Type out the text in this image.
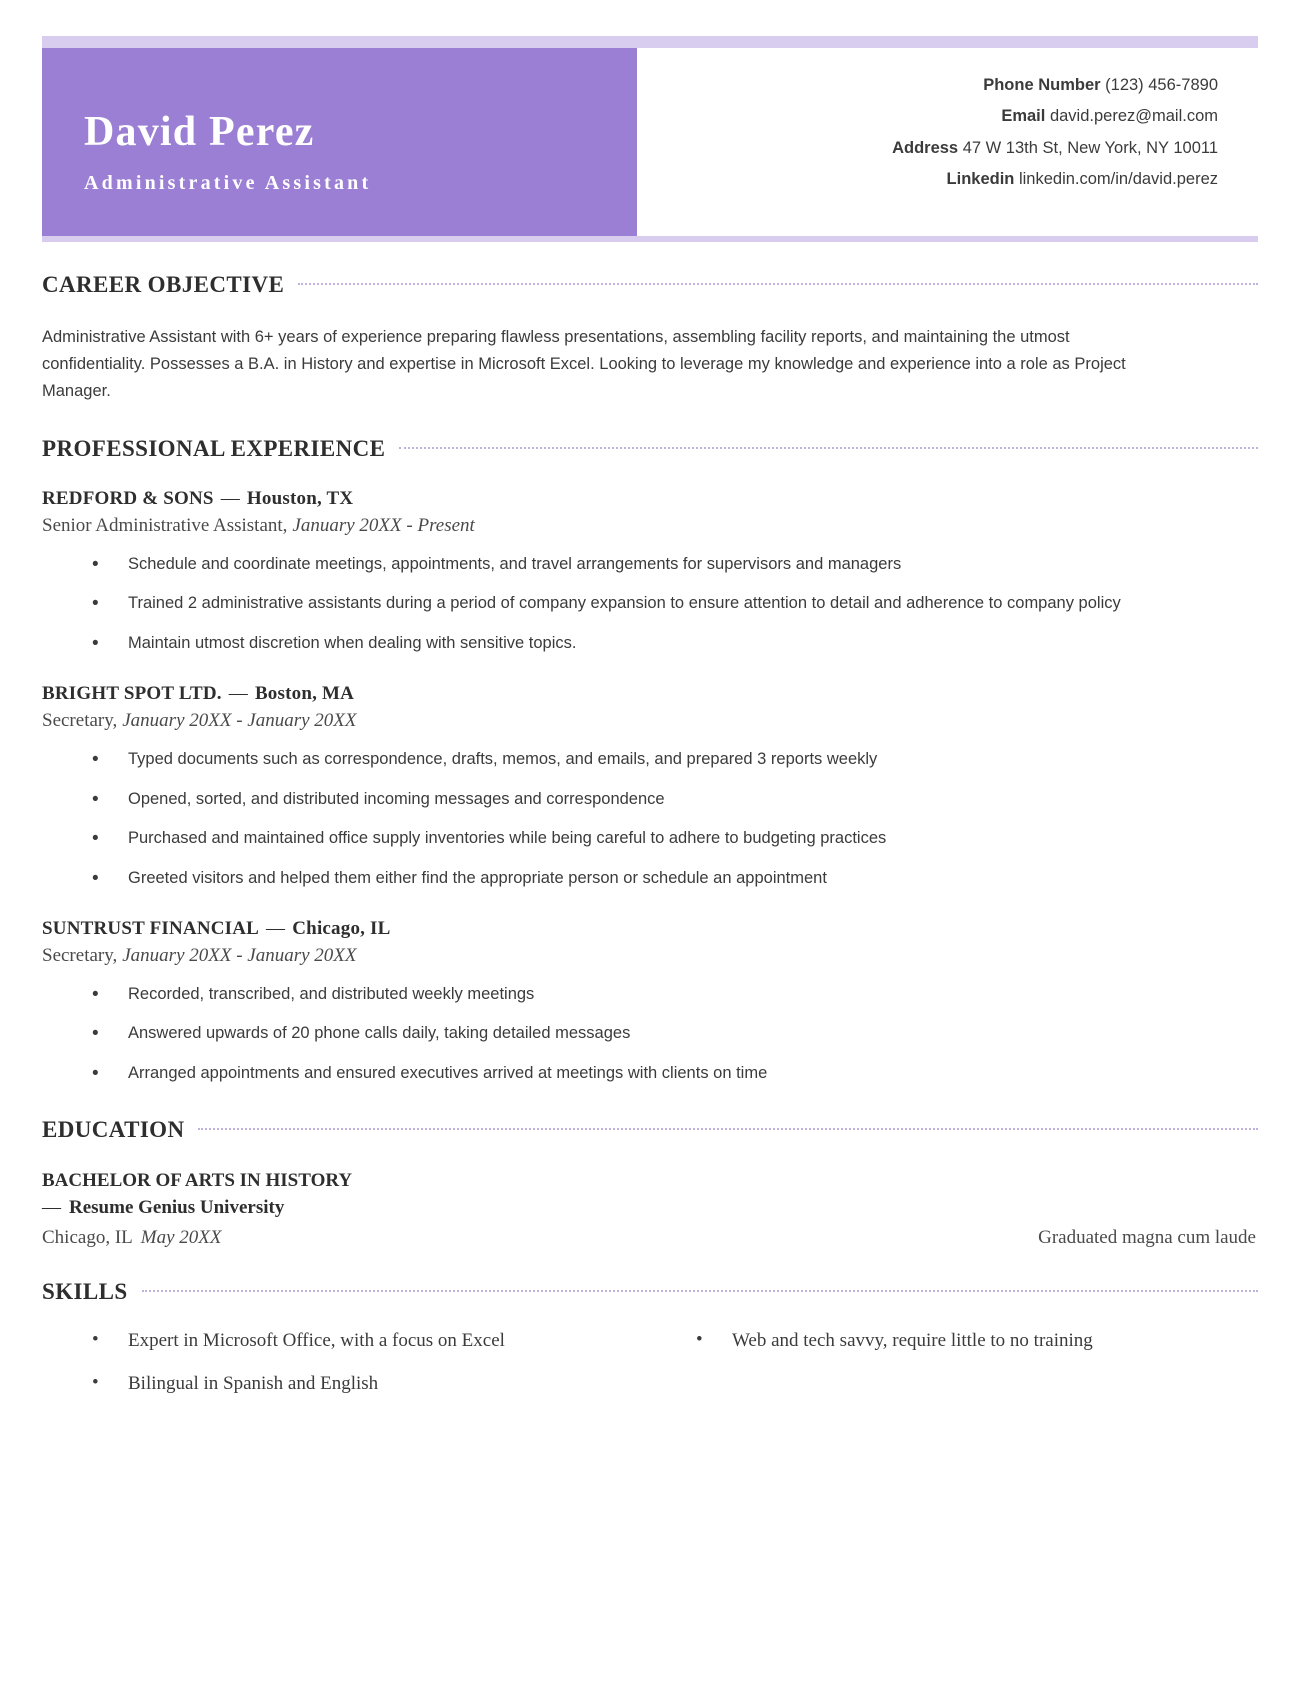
David Perez
Administrative Assistant
Phone Number (123) 456-7890
Email david.perez@mail.com
Address 47 W 13th St, New York, NY 10011
Linkedin linkedin.com/in/david.perez
CAREER OBJECTIVE

Administrative Assistant with 6+ years of experience preparing flawless presentations, assembling facility reports, and maintaining the utmost confidentiality. Possesses a B.A. in History and expertise in Microsoft Excel. Looking to leverage my knowledge and experience into a role as Project Manager.

PROFESSIONAL EXPERIENCE
REDFORD & SONS — Houston, TX
Senior Administrative Assistant, January 20XX - Present
• Schedule and coordinate meetings, appointments, and travel arrangements for supervisors and managers
• Trained 2 administrative assistants during a period of company expansion to ensure attention to detail and adherence to company policy
• Maintain utmost discretion when dealing with sensitive topics.
BRIGHT SPOT LTD. — Boston, MA
Secretary, January 20XX - January 20XX
• Typed documents such as correspondence, drafts, memos, and emails, and prepared 3 reports weekly
• Opened, sorted, and distributed incoming messages and correspondence
• Purchased and maintained office supply inventories while being careful to adhere to budgeting practices
• Greeted visitors and helped them either find the appropriate person or schedule an appointment
SUNTRUST FINANCIAL — Chicago, IL
Secretary, January 20XX - January 20XX
• Recorded, transcribed, and distributed weekly meetings
• Answered upwards of 20 phone calls daily, taking detailed messages
• Arranged appointments and ensured executives arrived at meetings with clients on time
EDUCATION
BACHELOR OF ARTS IN HISTORY
— Resume Genius University
Chicago, IL May 20XX	Graduated magna cum laude
SKILLS
• Expert in Microsoft Office, with a focus on Excel
• Bilingual in Spanish and English
• Web and tech savvy, require little to no training
